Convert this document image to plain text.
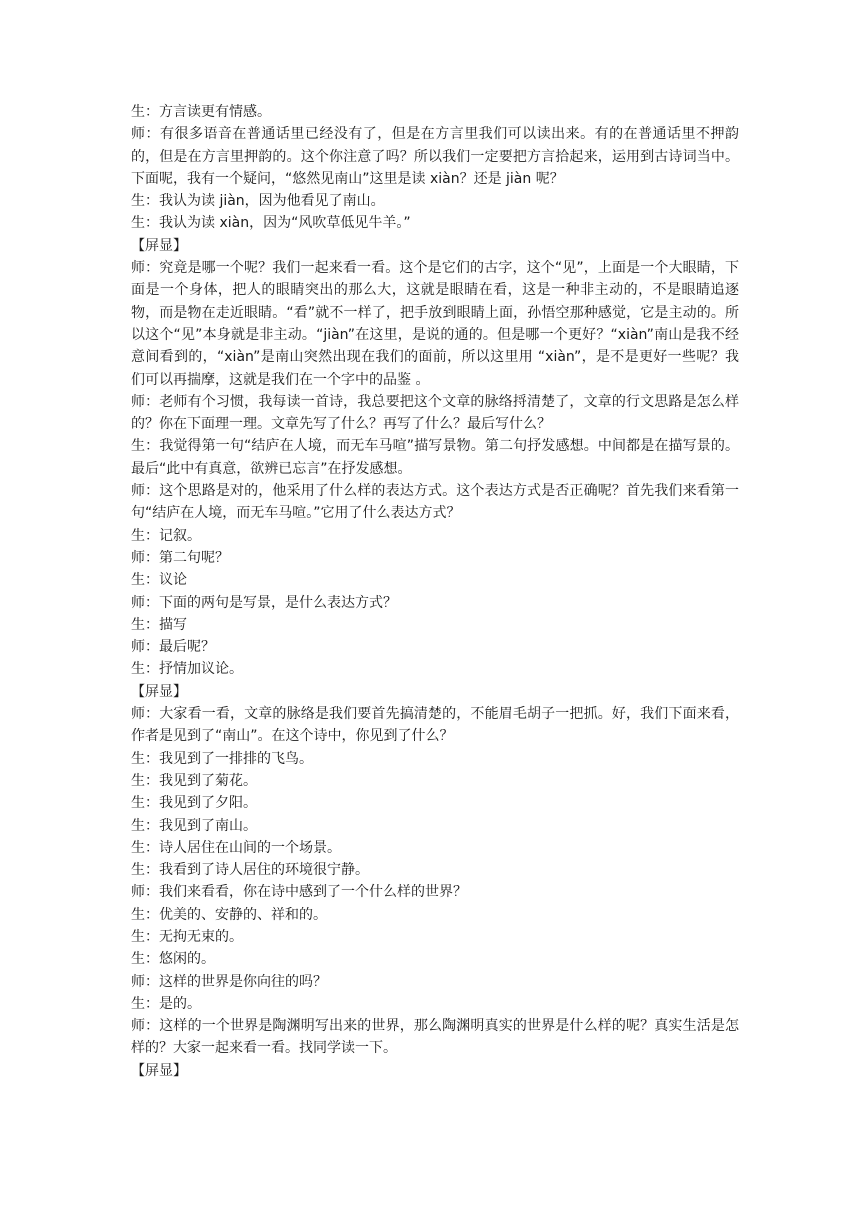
生：方言读更有情感。

师：有很多语音在普通话里已经没有了，但是在方言里我们可以读出来。有的在普通话里不押韵的，但是在方言里押韵的。这个你注意了吗？所以我们一定要把方言拾起来，运用到古诗词当中。下面呢，我有一个疑问，“悠然见南山”这里是读 xiàn？还是 jiàn 呢？

生：我认为读 jiàn，因为他看见了南山。

生：我认为读 xiàn，因为“风吹草低见牛羊。”

【屏显】

师：究竟是哪一个呢？我们一起来看一看。这个是它们的古字，这个“见”，上面是一个大眼睛，下面是一个身体，把人的眼睛突出的那么大，这就是眼睛在看，这是一种非主动的，不是眼睛追逐物，而是物在走近眼睛。“看”就不一样了，把手放到眼睛上面，孙悟空那种感觉，它是主动的。所以这个“见”本身就是非主动。“jiàn”在这里，是说的通的。但是哪一个更好？“xiàn”南山是我不经意间看到的，“xiàn”是南山突然出现在我们的面前，所以这里用 “xiàn”，是不是更好一些呢？我们可以再揣摩，这就是我们在一个字中的品鉴 。

师：老师有个习惯，我每读一首诗，我总要把这个文章的脉络捋清楚了，文章的行文思路是怎么样的？你在下面理一理。文章先写了什么？再写了什么？最后写什么？

生：我觉得第一句“结庐在人境，而无车马喧”描写景物。第二句抒发感想。中间都是在描写景的。最后“此中有真意，欲辨已忘言”在抒发感想。

师：这个思路是对的，他采用了什么样的表达方式。这个表达方式是否正确呢？首先我们来看第一句“结庐在人境，而无车马喧。”它用了什么表达方式？

生：记叙。

师：第二句呢？

生：议论

师：下面的两句是写景，是什么表达方式？

生：描写

师：最后呢？

生：抒情加议论。

【屏显】

师：大家看一看，文章的脉络是我们要首先搞清楚的，不能眉毛胡子一把抓。好，我们下面来看，作者是见到了“南山”。在这个诗中，你见到了什么？

生：我见到了一排排的飞鸟。

生：我见到了菊花。

生：我见到了夕阳。

生：我见到了南山。

生：诗人居住在山间的一个场景。

生：我看到了诗人居住的环境很宁静。

师：我们来看看，你在诗中感到了一个什么样的世界？

生：优美的、安静的、祥和的。

生：无拘无束的。

生：悠闲的。

师：这样的世界是你向往的吗？

生：是的。

师：这样的一个世界是陶渊明写出来的世界，那么陶渊明真实的世界是什么样的呢？真实生活是怎样的？大家一起来看一看。找同学读一下。

【屏显】
